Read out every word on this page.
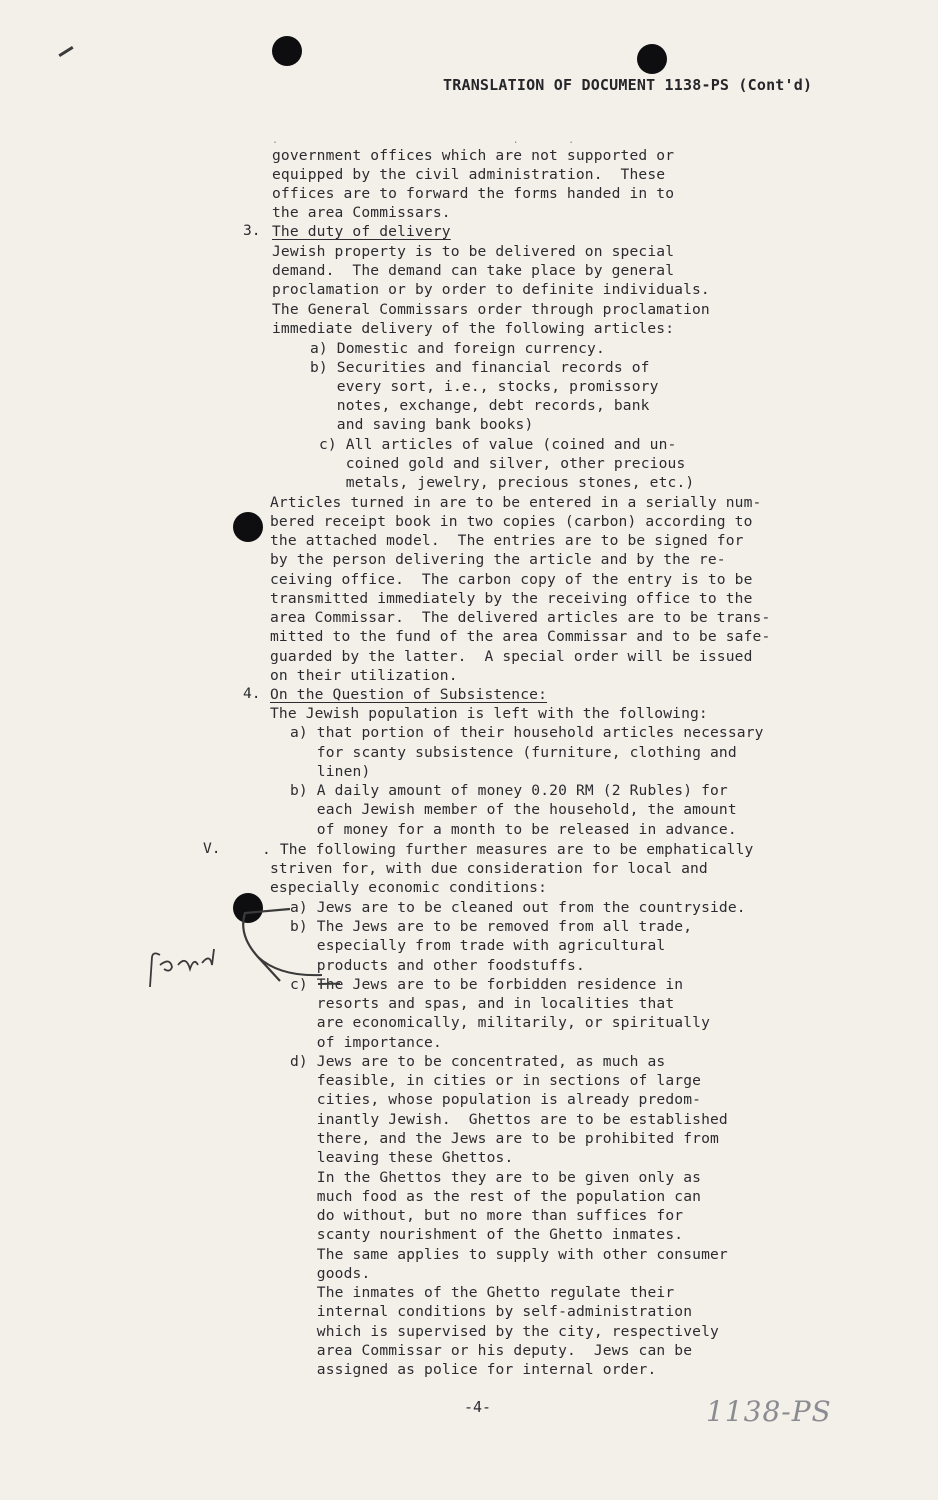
TRANSLATION OF DOCUMENT 1138-PS (Cont'd)
.                                      .        .
government offices which are not supported or
equipped by the civil administration.  These
offices are to forward the forms handed in to
the area Commissars.
3. The duty of delivery
Jewish property is to be delivered on special
demand.  The demand can take place by general
proclamation or by order to definite individuals.
The General Commissars order through proclamation
immediate delivery of the following articles:
a) Domestic and foreign currency.
b) Securities and financial records of
every sort, i.e., stocks, promissory
notes, exchange, debt records, bank
and saving bank books)
c) All articles of value (coined and un-
coined gold and silver, other precious
metals, jewelry, precious stones, etc.)
Articles turned in are to be entered in a serially num-
bered receipt book in two copies (carbon) according to
the attached model.  The entries are to be signed for
by the person delivering the article and by the re-
ceiving office.  The carbon copy of the entry is to be
transmitted immediately by the receiving office to the
area Commissar.  The delivered articles are to be trans-
mitted to the fund of the area Commissar and to be safe-
guarded by the latter.  A special order will be issued
on their utilization.
4. On the Question of Subsistence:
The Jewish population is left with the following:
a) that portion of their household articles necessary
for scanty subsistence (furniture, clothing and
linen)
b) A daily amount of money 0.20 RM (2 Rubles) for
each Jewish member of the household, the amount
of money for a month to be released in advance.
V.	. The following further measures are to be emphatically
striven for, with due consideration for local and
especially economic conditions:
a) Jews are to be cleaned out from the countryside.
b) The Jews are to be removed from all trade,
especially from trade with agricultural
products and other foodstuffs.
c) The Jews are to be forbidden residence in
resorts and spas, and in localities that
are economically, militarily, or spiritually
of importance.
d) Jews are to be concentrated, as much as
feasible, in cities or in sections of large
cities, whose population is already predom-
inantly Jewish.  Ghettos are to be established
there, and the Jews are to be prohibited from
leaving these Ghettos.
In the Ghettos they are to be given only as
much food as the rest of the population can
do without, but no more than suffices for
scanty nourishment of the Ghetto inmates.
The same applies to supply with other consumer
goods.
The inmates of the Ghetto regulate their
internal conditions by self-administration
which is supervised by the city, respectively
area Commissar or his deputy.  Jews can be
assigned as police for internal order.
-4-	1138-PS
